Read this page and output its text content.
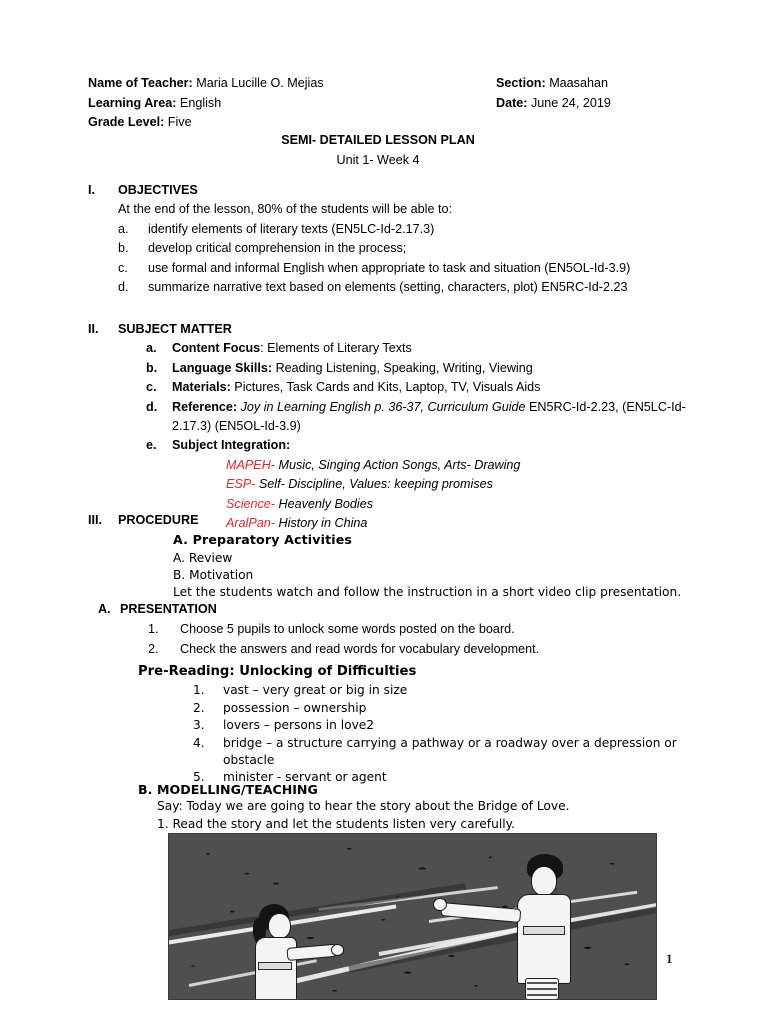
Name of Teacher: Maria Lucille O. Mejias	Section: Maasahan
Learning Area: English	Date: June 24, 2019
Grade Level: Five
SEMI- DETAILED LESSON PLAN
Unit 1- Week 4
I.	OBJECTIVES
At the end of the lesson, 80% of the students will be able to:
a.	identify elements of literary texts (EN5LC-Id-2.17.3)
b.	develop critical comprehension in the process;
c.	use formal and informal English when appropriate to task and situation (EN5OL-Id-3.9)
d.	summarize narrative text based on elements (setting, characters, plot) EN5RC-Id-2.23
II.	SUBJECT MATTER
a.	Content Focus: Elements of Literary Texts
b.	Language Skills: Reading Listening, Speaking, Writing, Viewing
c.	Materials: Pictures, Task Cards and Kits, Laptop, TV, Visuals Aids
d.	Reference: Joy in Learning English p. 36-37, Curriculum Guide EN5RC-Id-2.23, (EN5LC-Id-2.17.3) (EN5OL-Id-3.9)
e.	Subject Integration:
MAPEH- Music, Singing Action Songs, Arts- Drawing
ESP- Self- Discipline, Values: keeping promises
Science- Heavenly Bodies
AralPan- History in China
III.	PROCEDURE
A. Preparatory Activities
A. Review
B. Motivation
Let the students watch and follow the instruction in a short video clip presentation.
A. PRESENTATION
1.	Choose 5 pupils to unlock some words posted on the board.
2.	Check the answers and read words for vocabulary development.
Pre-Reading: Unlocking of Difficulties
1.	vast – very great or big in size
2.	possession – ownership
3.	lovers – persons in love2
4.	bridge – a structure carrying a pathway or a roadway over a depression or obstacle
5.	minister - servant or agent
B. MODELLING/TEACHING
Say: Today we are going to hear the story about the Bridge of Love.
1. Read the story and let the students listen very carefully.
1
